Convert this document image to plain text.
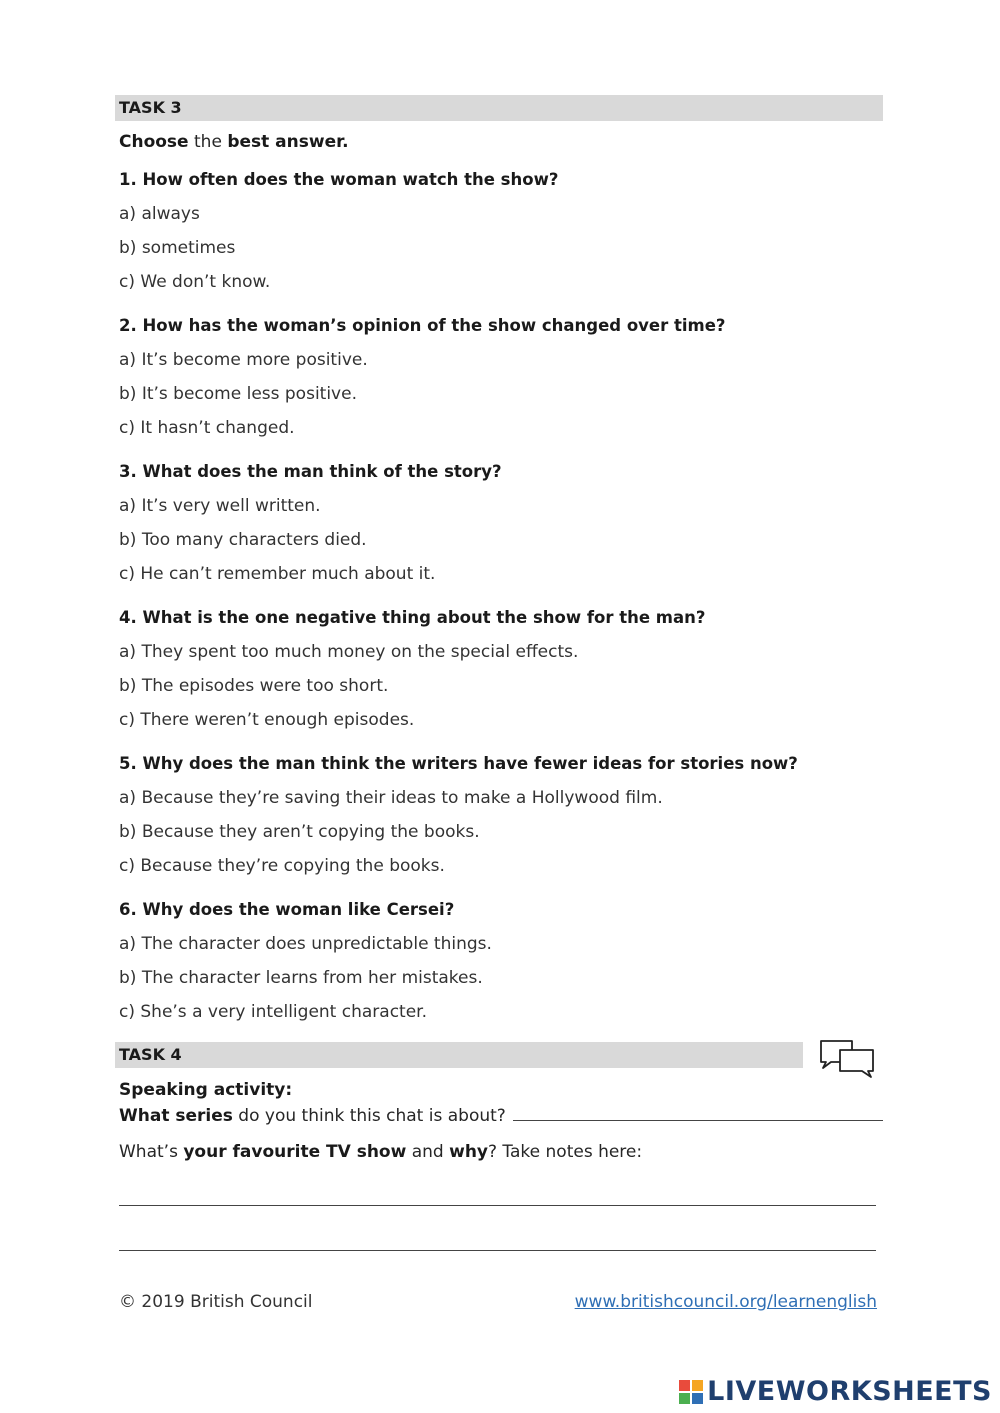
TASK 3
Choose the best answer.
1. How often does the woman watch the show?
a) always
b) sometimes
c) We don’t know.
2. How has the woman’s opinion of the show changed over time?
a) It’s become more positive.
b) It’s become less positive.
c) It hasn’t changed.
3. What does the man think of the story?
a) It’s very well written.
b) Too many characters died.
c) He can’t remember much about it.
4. What is the one negative thing about the show for the man?
a) They spent too much money on the special effects.
b) The episodes were too short.
c) There weren’t enough episodes.
5. Why does the man think the writers have fewer ideas for stories now?
a) Because they’re saving their ideas to make a Hollywood film.
b) Because they aren’t copying the books.
c) Because they’re copying the books.
6. Why does the woman like Cersei?
a) The character does unpredictable things.
b) The character learns from her mistakes.
c) She’s a very intelligent character.
TASK 4
Speaking activity:
What series do you think this chat is about?
What’s your favourite TV show and why? Take notes here:
© 2019 British Council	www.britishcouncil.org/learnenglish
LIVEWORKSHEETS
